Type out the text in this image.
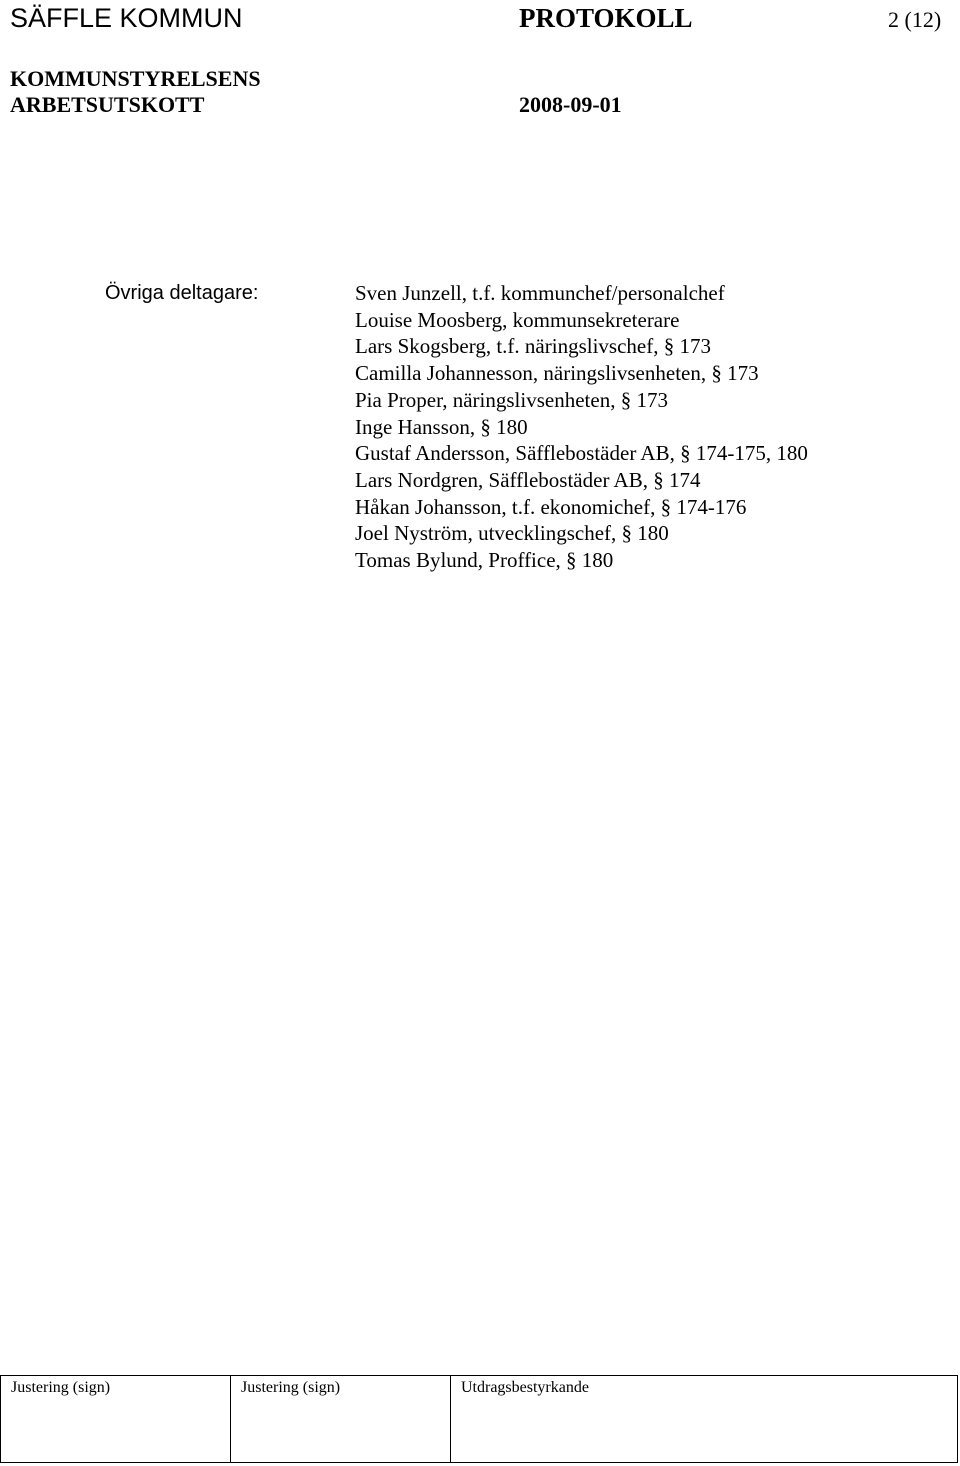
SÄFFLE KOMMUN	PROTOKOLL	2 (12)
KOMMUNSTYRELSENS
ARBETSUTSKOTT	2008-09-01
Övriga deltagare:	Sven Junzell, t.f. kommunchef/personalchef
Louise Moosberg, kommunsekreterare
Lars Skogsberg, t.f. näringslivschef, § 173
Camilla Johannesson, näringslivsenheten, § 173
Pia Proper, näringslivsenheten, § 173
Inge Hansson, § 180
Gustaf Andersson, Säfflebostäder AB, § 174-175, 180
Lars Nordgren, Säfflebostäder AB, § 174
Håkan Johansson, t.f. ekonomichef, § 174-176
Joel Nyström, utvecklingschef, § 180
Tomas Bylund, Proffice, § 180
Justering (sign)	Justering (sign)	Utdragsbestyrkande
